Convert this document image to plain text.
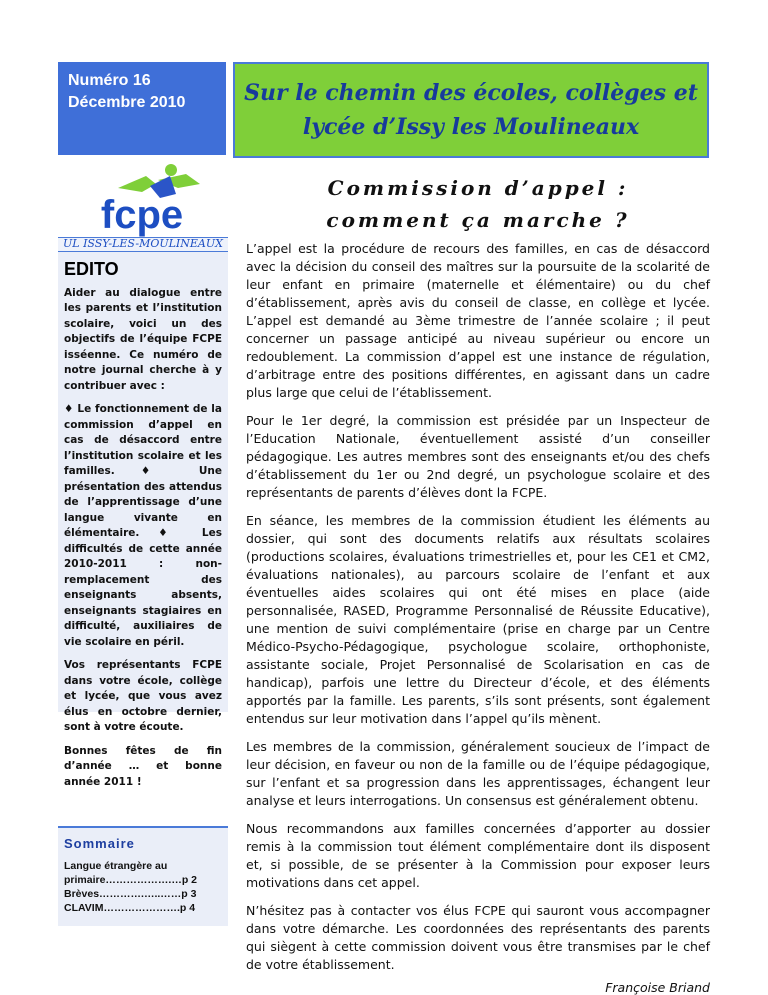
Numéro 16
Décembre 2010	Sur le chemin des écoles, collèges et
lycée d’Issy les Moulineaux
fcpe
UL ISSY-LES-MOULINEAUX
EDITO

Aider au dialogue entre les parents et l’institution scolaire, voici un des objectifs de l’équipe FCPE isséenne. Ce numéro de notre journal cherche à y contribuer avec :

♦ Le fonctionnement de la commission d’appel en cas de désaccord entre l’institution scolaire et les familles. ♦ Une présentation des attendus de l’apprentissage d’une langue vivante en élémentaire. ♦ Les difficultés de cette année 2010-2011 : non-remplacement des enseignants absents, enseignants stagiaires en difficulté, auxiliaires de vie scolaire en péril.

Vos représentants FCPE dans votre école, collège et lycée, que vous avez élus en octobre dernier, sont à votre écoute.

Bonnes fêtes de fin d’année … et bonne année 2011 !

Sommaire
Langue étrangère au
primaire……………….…p 2
Brèves………….…..……p 3
CLAVIM………………….p 4
Commission d’appel :
comment ça marche ?

L’appel est la procédure de recours des familles, en cas de désaccord avec la décision du conseil des maîtres sur la poursuite de la scolarité de leur enfant en primaire (maternelle et élémentaire) ou du chef d’établissement, après avis du conseil de classe, en collège et lycée. L’appel est demandé au 3ème trimestre de l’année scolaire ; il peut concerner un passage anticipé au niveau supérieur ou encore un redoublement. La commission d’appel est une instance de régulation, d’arbitrage entre des positions différentes, en agissant dans un cadre plus large que celui de l’établissement.

Pour le 1er degré, la commission est présidée par un Inspecteur de l’Education Nationale, éventuellement assisté d’un conseiller pédagogique. Les autres membres sont des enseignants et/ou des chefs d’établissement du 1er ou 2nd degré, un psychologue scolaire et des représentants de parents d’élèves dont la FCPE.

En séance, les membres de la commission étudient les éléments au dossier, qui sont des documents relatifs aux résultats scolaires (productions scolaires, évaluations trimestrielles et, pour les CE1 et CM2, évaluations nationales), au parcours scolaire de l’enfant et aux éventuelles aides scolaires qui ont été mises en place (aide personnalisée, RASED, Programme Personnalisé de Réussite Educative), une mention de suivi complémentaire (prise en charge par un Centre Médico-Psycho-Pédagogique, psychologue scolaire, orthophoniste, assistante sociale, Projet Personnalisé de Scolarisation en cas de handicap), parfois une lettre du Directeur d’école, et des éléments apportés par la famille. Les parents, s’ils sont présents, sont également entendus sur leur motivation dans l’appel qu’ils mènent.

Les membres de la commission, généralement soucieux de l’impact de leur décision, en faveur ou non de la famille ou de l’équipe pédagogique, sur l’enfant et sa progression dans les apprentissages, échangent leur analyse et leurs interrogations. Un consensus est généralement obtenu.

Nous recommandons aux familles concernées d’apporter au dossier remis à la commission tout élément complémentaire dont ils disposent et, si possible, de se présenter à la Commission pour exposer leurs motivations dans cet appel.

N’hésitez pas à contacter vos élus FCPE qui sauront vous accompagner dans votre démarche. Les coordonnées des représentants des parents qui siègent à cette commission doivent vous être transmises par le chef de votre établissement.

Françoise Briand
